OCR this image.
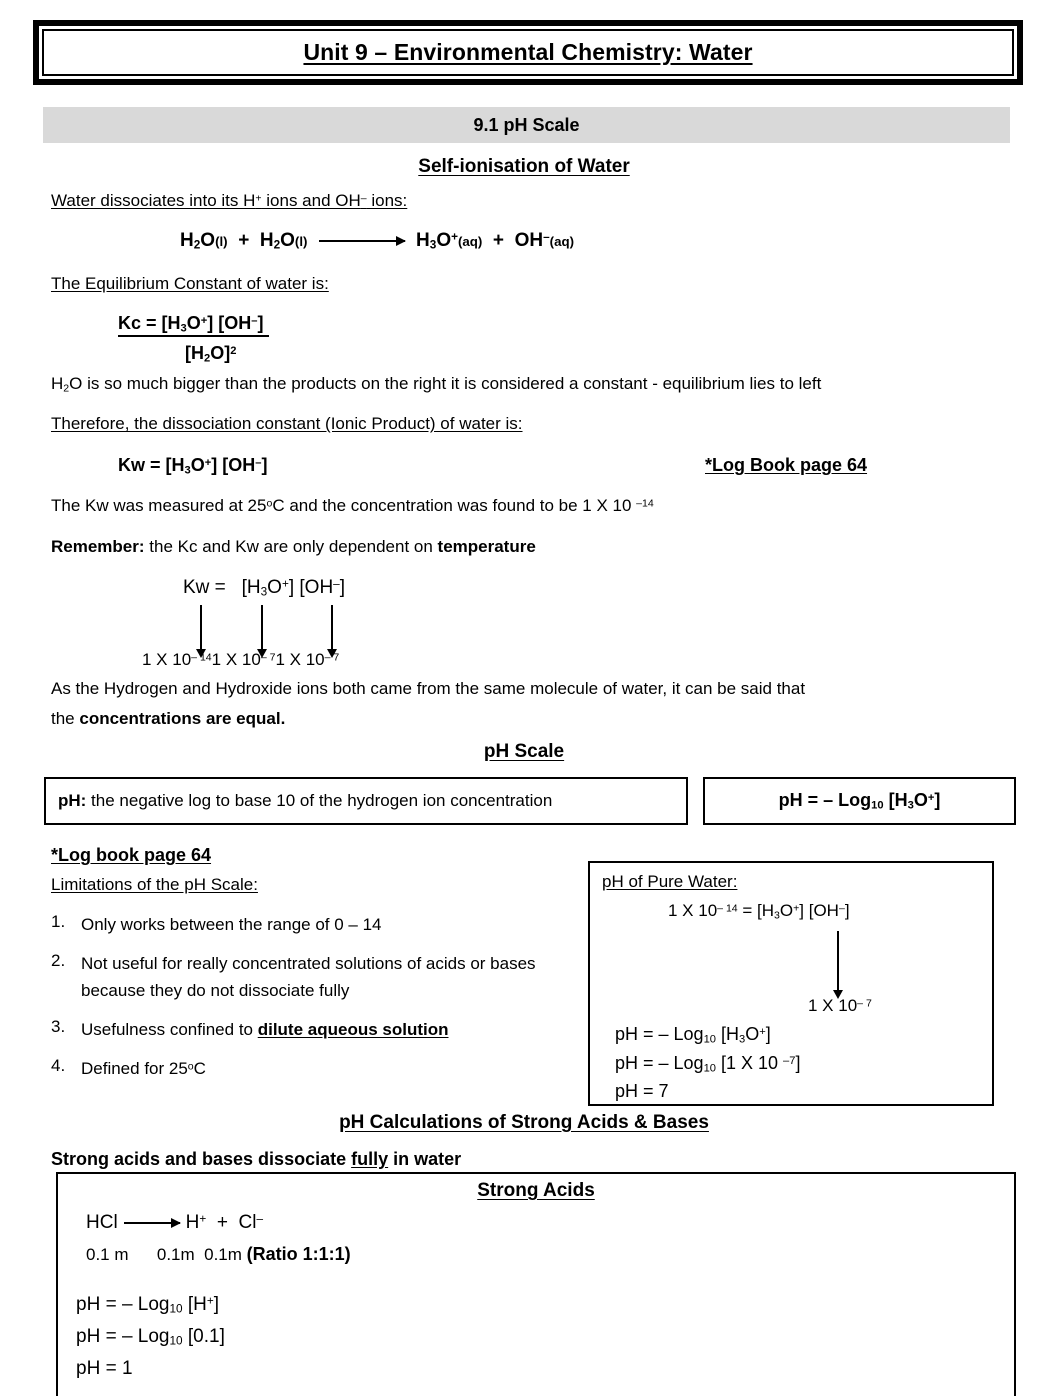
Unit 9 – Environmental Chemistry: Water
9.1 pH Scale
Self-ionisation of Water
Water dissociates into its H+ ions and OH– ions:
$H_2O(l) + H_2O(l)$	$H_3O^+(aq) + OH^-(aq)$
The Equilibrium Constant of water is:
$Kc = [H_3O^+]$ [OH–]
$[H_2O]^2$
$H_2O$ is so much bigger than the products on the right it is considered a constant - equilibrium lies to left
Therefore, the dissociation constant (Ionic Product) of water is:
$Kw = [H_3O^+]$ [OH–]	*Log Book page 64
The Kw was measured at 25$^o$C and the concentration was found to be 1 X 10 $^{-14}$
Remember: the Kc and Kw are only dependent on temperature
$Kw = [H_3O^+]$ [OH–]
1 X $10^{- 14}1$ X $10^{- 7}1$ X $10^{- 7}$
As the Hydrogen and Hydroxide ions both came from the same molecule of water, it can be said that
the concentrations are equal.
pH Scale
pH: the negative log to base 10 of the hydrogen ion concentration	pH = – Log$_{10}$ $[H_3O^+]$
*Log book page 64
Limitations of the pH Scale:
1. Only works between the range of 0 – 14
2. Not useful for really concentrated solutions of acids or bases because they do not dissociate fully
3. Usefulness confined to dilute aqueous solution
4. Defined for 25$^o$C
pH of Pure Water:
1 X $10^{- 14} = [H_3O^+]$ [OH–]
1 X $10^{- 7}$
pH = – Log$_{10}$ $[H_3O^+]$
pH = – Log$_{10}$ [1 X 10 $^{-7}$]
pH = 7
pH Calculations of Strong Acids & Bases
Strong acids and bases dissociate fully in water
Strong Acids
HCl	H+ + Cl–
0.1 m 0.1m 0.1m (Ratio 1:1:1)
pH = – Log$_{10}$ [H+]
pH = – Log$_{10}$ [0.1]
pH = 1
